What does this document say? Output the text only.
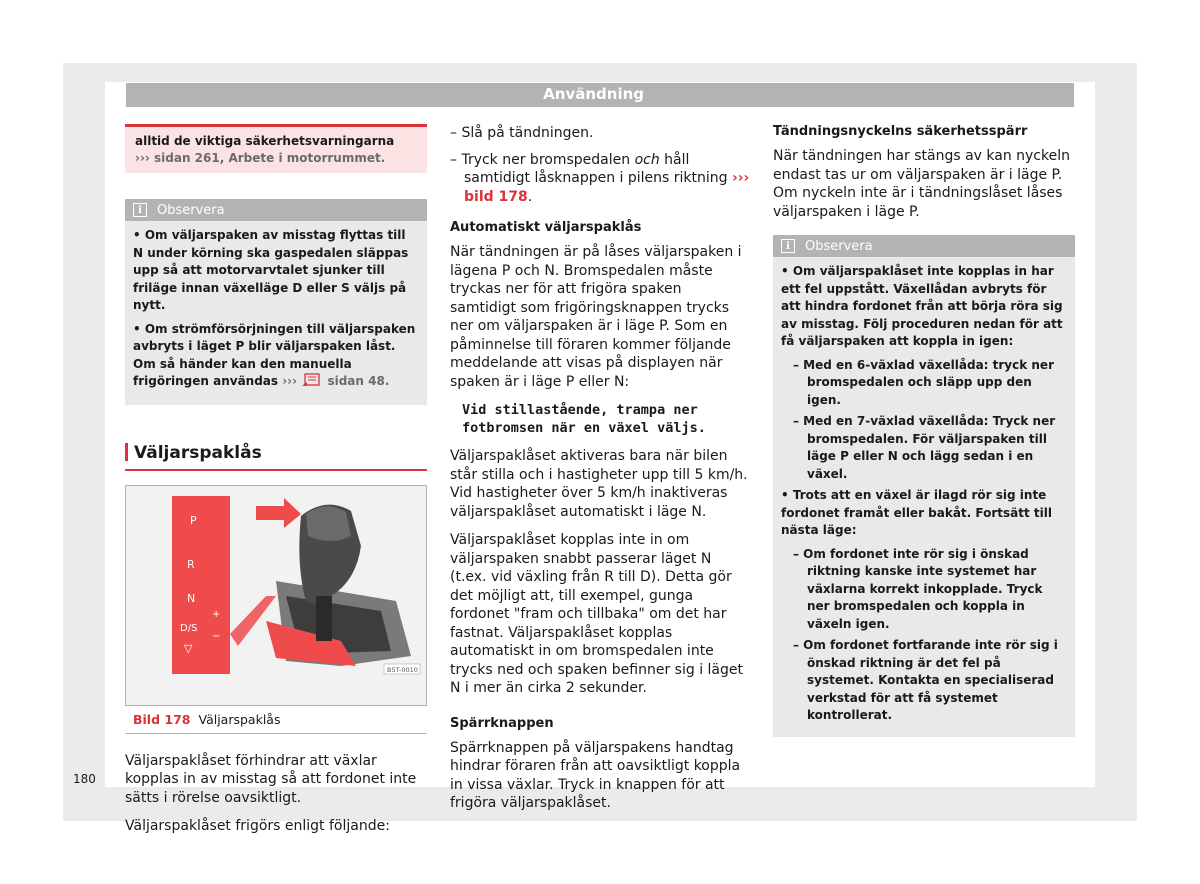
Användning
alltid de viktiga säkerhetsvarningarna
››› sidan 261, Arbete i motorrummet.
i	Observera

• Om väljarspaken av misstag flyttas till N under körning ska gaspedalen släppas upp så att motorvarvtalet sjunker till friläge innan växelläge D eller S väljs på nytt.

• Om strömförsörjningen till väljarspaken avbryts i läget P blir väljarspaken låst. Om så händer kan den manuella frigöringen användas ›››	sidan 48.

Väljarspaklås
P
R
N
D/S
▽
+
−
B5T-0010
Bild 178 Väljarspaklås

Väljarspaklåset förhindrar att växlar kopplas in av misstag så att fordonet inte sätts i rörelse oavsiktligt.

Väljarspaklåset frigörs enligt följande:

– Slå på tändningen.

– Tryck ner bromspedalen och håll samtidigt låsknappen i pilens riktning ››› bild 178.

Automatiskt väljarspaklås

När tändningen är på låses väljarspaken i lägena P och N. Bromspedalen måste tryckas ner för att frigöra spaken samtidigt som frigöringsknappen trycks ner om väljarspaken är i läge P. Som en påminnelse till föraren kommer följande meddelande att visas på displayen när spaken är i läge P eller N:

Vid stillastående, trampa ner fotbromsen när en växel väljs.

Väljarspaklåset aktiveras bara när bilen står stilla och i hastigheter upp till 5 km/h. Vid hastigheter över 5 km/h inaktiveras väljarspaklåset automatiskt i läge N.

Väljarspaklåset kopplas inte in om väljarspaken snabbt passerar läget N (t.ex. vid växling från R till D). Detta gör det möjligt att, till exempel, gunga fordonet "fram och tillbaka" om det har fastnat. Väljarspaklåset kopplas automatiskt in om bromspedalen inte trycks ned och spaken befinner sig i läget N i mer än cirka 2 sekunder.

Spärrknappen

Spärrknappen på väljarspakens handtag hindrar föraren från att oavsiktligt koppla in vissa växlar. Tryck in knappen för att frigöra väljarspaklåset.

Tändningsnyckelns säkerhetsspärr

När tändningen har stängs av kan nyckeln endast tas ur om väljarspaken är i läge P. Om nyckeln inte är i tändningslåset låses väljarspaken i läge P.

i	Observera

• Om väljarspaklåset inte kopplas in har ett fel uppstått. Växellådan avbryts för att hindra fordonet från att börja röra sig av misstag. Följ proceduren nedan för att få väljarspaken att koppla in igen:

– Med en 6-växlad växellåda: tryck ner bromspedalen och släpp upp den igen.

– Med en 7-växlad växellåda: Tryck ner bromspedalen. För väljarspaken till läge P eller N och lägg sedan i en växel.

• Trots att en växel är ilagd rör sig inte fordonet framåt eller bakåt. Fortsätt till nästa läge:

– Om fordonet inte rör sig i önskad riktning kanske inte systemet har växlarna korrekt inkopplade. Tryck ner bromspedalen och koppla in växeln igen.

– Om fordonet fortfarande inte rör sig i önskad riktning är det fel på systemet. Kontakta en specialiserad verkstad för att få systemet kontrollerat.

180
